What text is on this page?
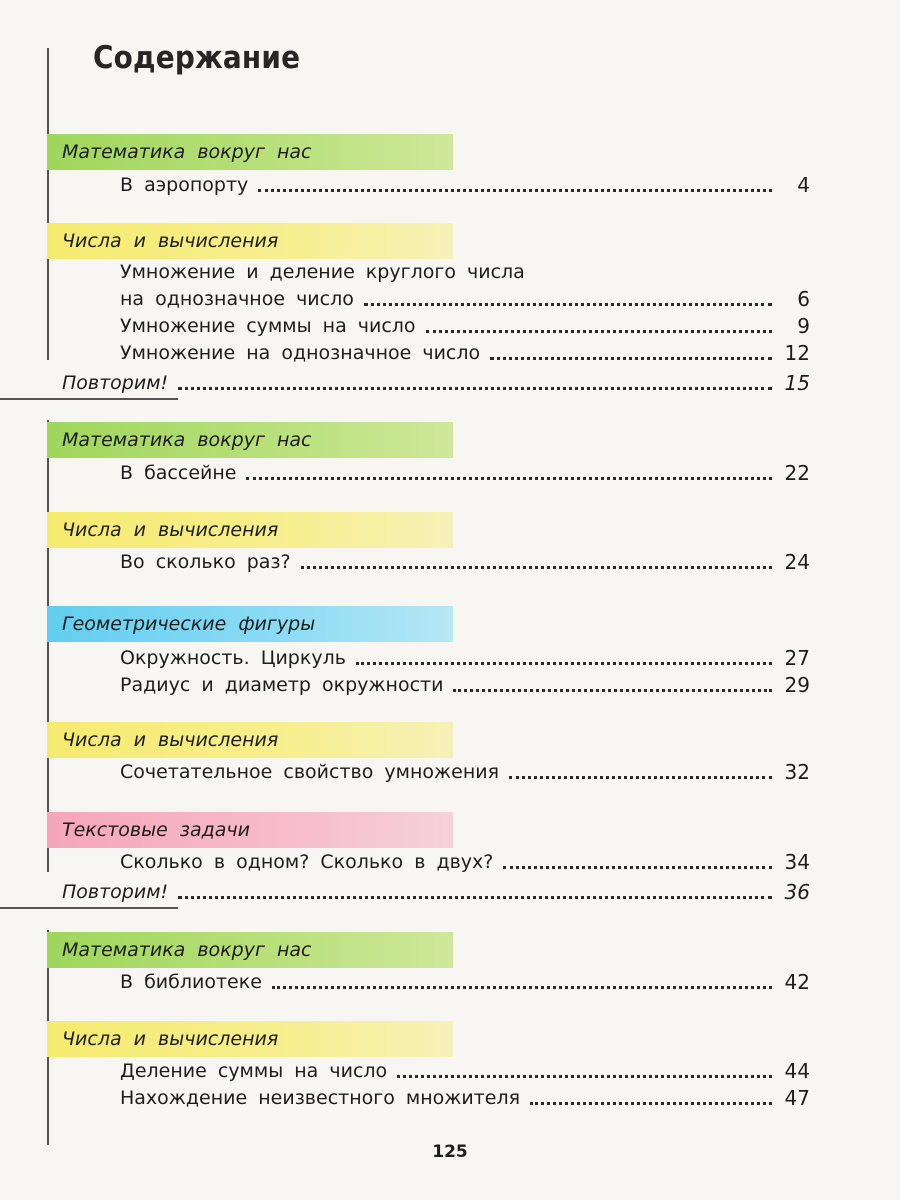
Содержание
Математика вокруг нас
В аэропорту	4
Числа и вычисления
Умножение и деление круглого числа
на однозначное число	6
Умножение суммы на число	9
Умножение на однозначное число	12
Повторим!	15
Математика вокруг нас
В бассейне	22
Числа и вычисления
Во сколько раз?	24
Геометрические фигуры
Окружность. Циркуль	27
Радиус и диаметр окружности	29
Числа и вычисления
Сочетательное свойство умножения	32
Текстовые задачи
Сколько в одном? Сколько в двух?	34
Повторим!	36
Математика вокруг нас
В библиотеке	42
Числа и вычисления
Деление суммы на число	44
Нахождение неизвестного множителя	47
125
